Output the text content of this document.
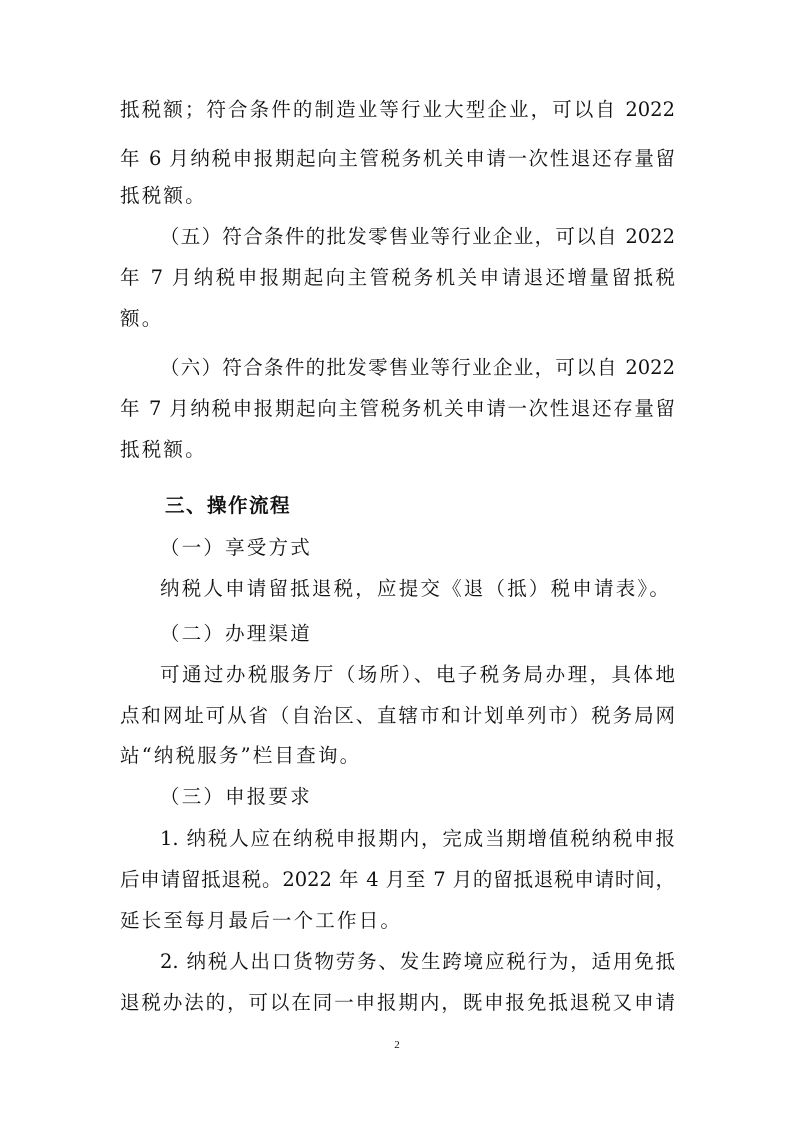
抵税额；符合条件的制造业等行业大型企业，可以自 2022
年 6 月纳税申报期起向主管税务机关申请一次性退还存量留
抵税额。
（五）符合条件的批发零售业等行业企业，可以自 2022
年 7 月纳税申报期起向主管税务机关申请退还增量留抵税
额。
（六）符合条件的批发零售业等行业企业，可以自 2022
年 7 月纳税申报期起向主管税务机关申请一次性退还存量留
抵税额。
三、操作流程
（一）享受方式
纳税人申请留抵退税，应提交《退（抵）税申请表》。
（二）办理渠道
可通过办税服务厅（场所）、电子税务局办理，具体地
点和网址可从省（自治区、直辖市和计划单列市）税务局网
站“纳税服务”栏目查询。
（三）申报要求
1. 纳税人应在纳税申报期内，完成当期增值税纳税申报
后申请留抵退税。2022 年 4 月至 7 月的留抵退税申请时间，
延长至每月最后一个工作日。
2. 纳税人出口货物劳务、发生跨境应税行为，适用免抵
退税办法的，可以在同一申报期内，既申报免抵退税又申请
2
